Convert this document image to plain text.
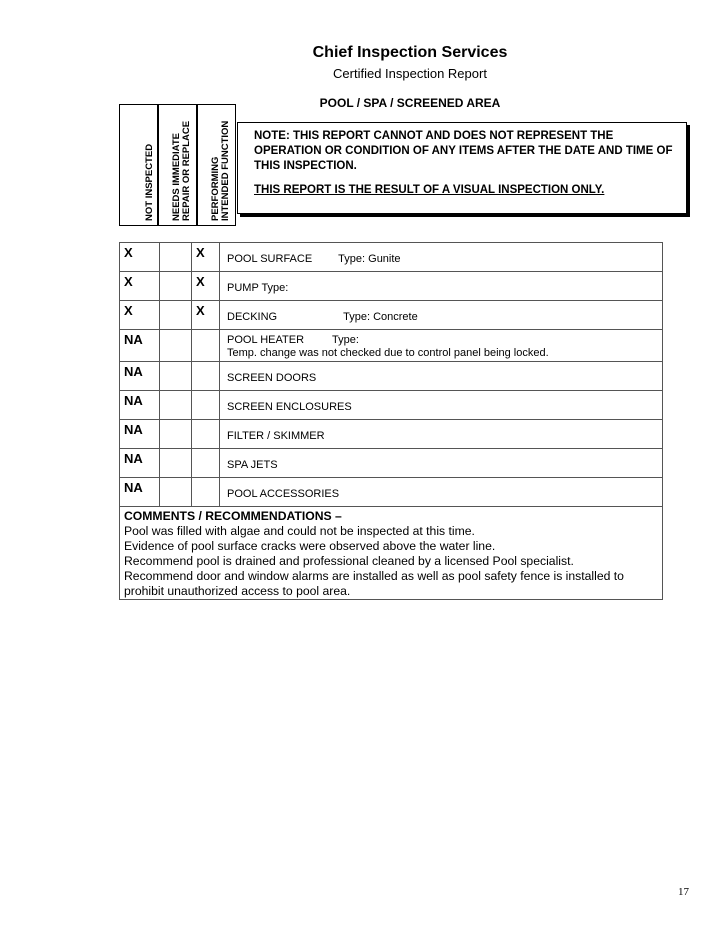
Chief Inspection Services
Certified Inspection Report
POOL / SPA / SCREENED AREA
NOT INSPECTED NEEDS IMMEDIATE REPAIR OR REPLACE PERFORMING INTENDED FUNCTION NOTE: THIS REPORT CANNOT AND DOES NOT REPRESENT THE OPERATION OR CONDITION OF ANY ITEMS AFTER THE DATE AND TIME OF THIS INSPECTION.
THIS REPORT IS THE RESULT OF A VISUAL INSPECTION ONLY.
X		X	POOL SURFACE Type: Gunite
X		X	PUMP Type:
X		X	DECKING Type: Concrete
NA			POOL HEATER Type:
Temp. change was not checked due to control panel being locked.
NA			SCREEN DOORS
NA			SCREEN ENCLOSURES
NA			FILTER / SKIMMER
NA			SPA JETS
NA			POOL ACCESSORIES

COMMENTS / RECOMMENDATIONS –
Pool was filled with algae and could not be inspected at this time.
Evidence of pool surface cracks were observed above the water line.
Recommend pool is drained and professional cleaned by a licensed Pool specialist.
Recommend door and window alarms are installed as well as pool safety fence is installed to prohibit unauthorized access to pool area.			
17
